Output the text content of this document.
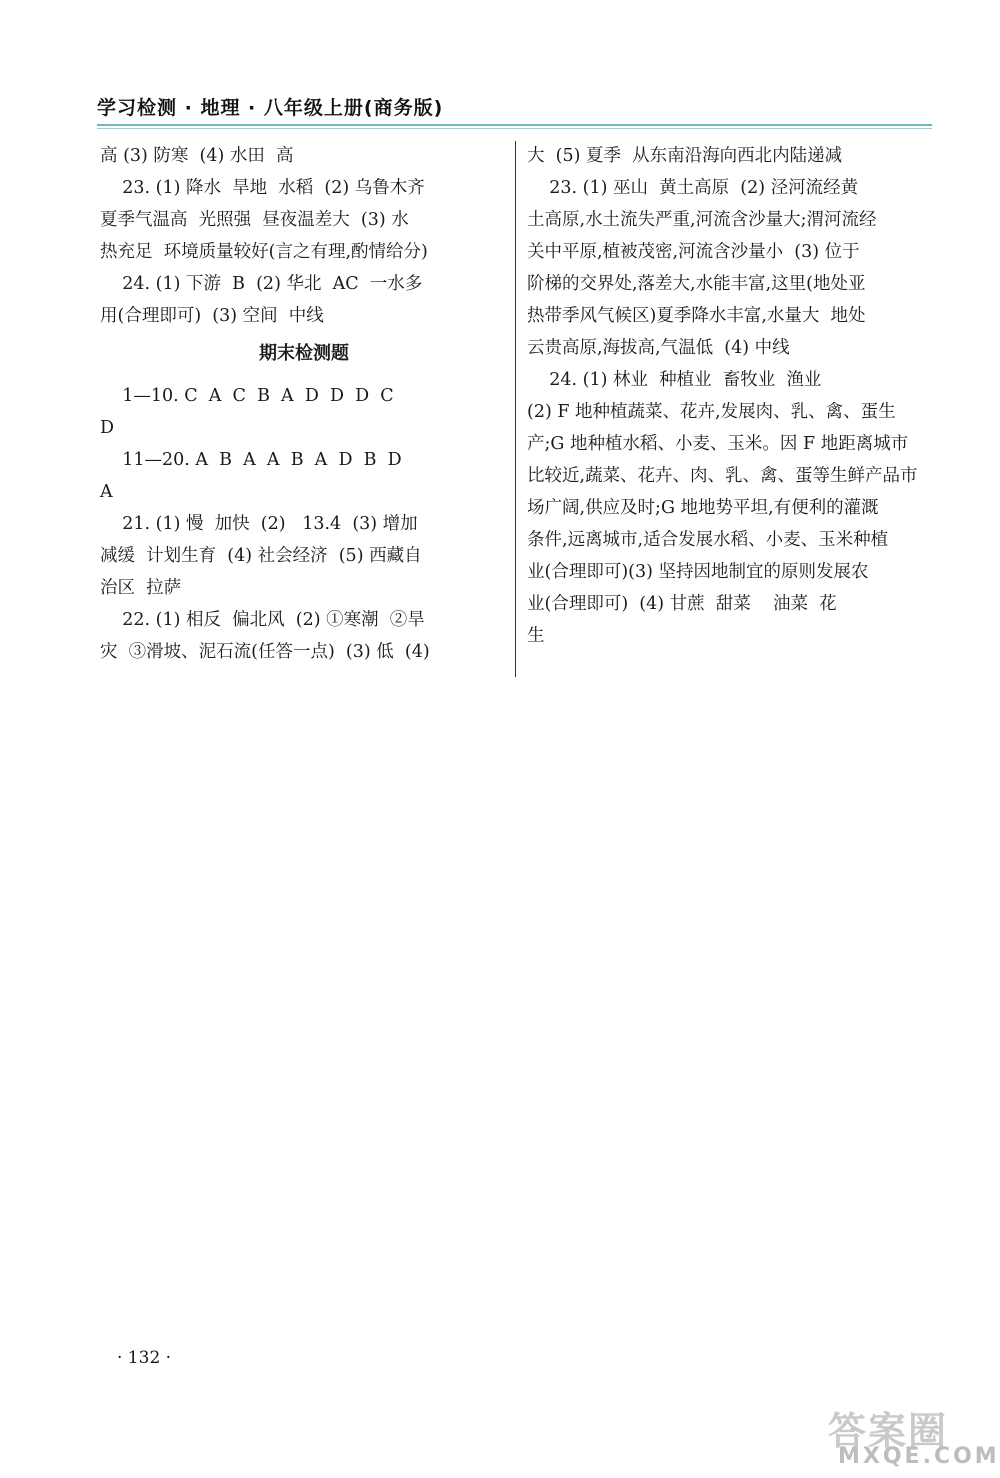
学习检测 · 地理 · 八年级上册(商务版)
高 (3) 防寒  (4) 水田  高
23. (1) 降水  旱地  水稻  (2) 乌鲁木齐
夏季气温高  光照强  昼夜温差大  (3) 水
热充足  环境质量较好(言之有理,酌情给分)
24. (1) 下游  B  (2) 华北  AC  一水多
用(合理即可)  (3) 空间  中线
期末检测题
1—10. C  A  C  B  A  D  D  D  C
D
11—20. A  B  A  A  B  A  D  B  D
A
21. (1) 慢  加快  (2)   13.4  (3) 增加
减缓  计划生育  (4) 社会经济  (5) 西藏自
治区  拉萨
22. (1) 相反  偏北风  (2) ①寒潮  ②旱
灾  ③滑坡、泥石流(任答一点)  (3) 低  (4)
大  (5) 夏季  从东南沿海向西北内陆递减
23. (1) 巫山  黄土高原  (2) 泾河流经黄
土高原,水土流失严重,河流含沙量大;渭河流经
关中平原,植被茂密,河流含沙量小  (3) 位于
阶梯的交界处,落差大,水能丰富,这里(地处亚
热带季风气候区)夏季降水丰富,水量大  地处
云贵高原,海拔高,气温低  (4) 中线
24. (1) 林业  种植业  畜牧业  渔业
(2) F 地种植蔬菜、花卉,发展肉、乳、禽、蛋生
产;G 地种植水稻、小麦、玉米。因 F 地距离城市
比较近,蔬菜、花卉、肉、乳、禽、蛋等生鲜产品市
场广阔,供应及时;G 地地势平坦,有便利的灌溉
条件,远离城市,适合发展水稻、小麦、玉米种植
业(合理即可)(3) 坚持因地制宜的原则发展农
业(合理即可)  (4) 甘蔗  甜菜    油菜  花
生
· 132 ·
答案圈
MXQE.COM
